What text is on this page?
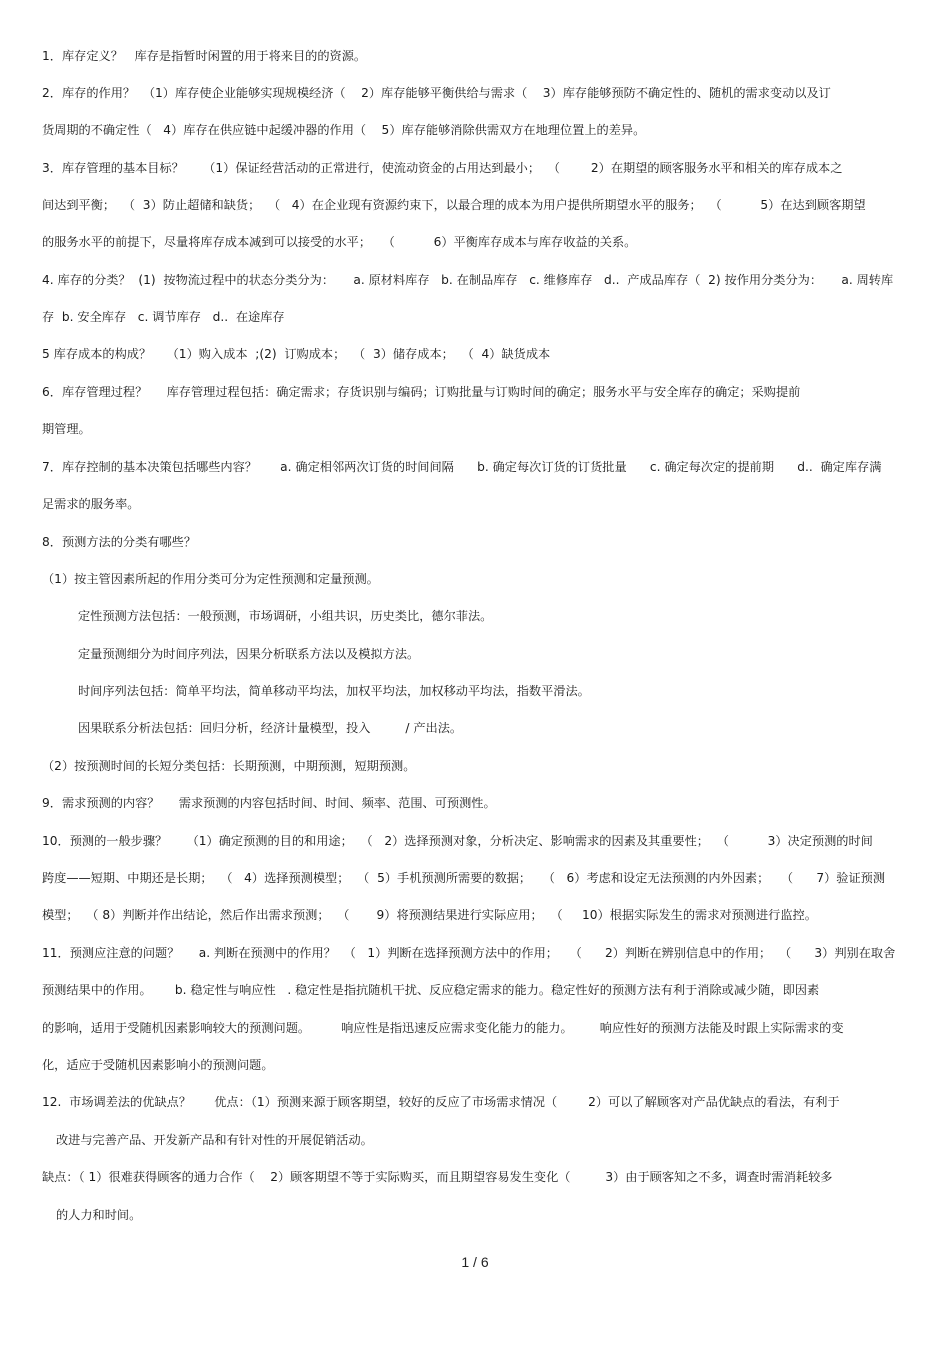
1．库存定义？   库存是指暂时闲置的用于将来目的的资源。

2．库存的作用？  （1）库存使企业能够实现规模经济（    2）库存能够平衡供给与需求（    3）库存能够预防不确定性的、随机的需求变动以及订

货周期的不确定性（   4）库存在供应链中起缓冲器的作用（    5）库存能够消除供需双方在地理位置上的差异。

3．库存管理的基本目标？     （1）保证经营活动的正常进行，使流动资金的占用达到最小；  （        2）在期望的顾客服务水平和相关的库存成本之

间达到平衡；  （  3）防止超储和缺货；  （   4）在企业现有资源约束下，以最合理的成本为用户提供所期望水平的服务；  （          5）在达到顾客期望

的服务水平的前提下，尽量将库存成本减到可以接受的水平；   （          6）平衡库存成本与库存收益的关系。

4. 库存的分类？  (1)  按物流过程中的状态分类分为：     a. 原材料库存   b. 在制品库存   c. 维修库存   d..  产成品库存（  2) 按作用分类分为：     a. 周转库

存  b. 安全库存   c. 调节库存   d..  在途库存

5 库存成本的构成？    （1）购入成本  ;(2)  订购成本；  （  3）储存成本；  （  4）缺货成本

6．库存管理过程？     库存管理过程包括：确定需求；存货识别与编码；订购批量与订购时间的确定；服务水平与安全库存的确定；采购提前

期管理。

7．库存控制的基本决策包括哪些内容？      a. 确定相邻两次订货的时间间隔      b. 确定每次订货的订货批量      c. 确定每次定的提前期      d..  确定库存满

足需求的服务率。

8．预测方法的分类有哪些？

（1）按主管因素所起的作用分类可分为定性预测和定量预测。

定性预测方法包括：一般预测，市场调研，小组共识，历史类比，德尔菲法。

定量预测细分为时间序列法，因果分析联系方法以及模拟方法。

时间序列法包括：简单平均法，简单移动平均法，加权平均法，加权移动平均法，指数平滑法。

因果联系分析法包括：回归分析，经济计量模型，投入         / 产出法。

（2）按预测时间的长短分类包括：长期预测，中期预测，短期预测。

9．需求预测的内容？     需求预测的内容包括时间、时间、频率、范围、可预测性。

10．预测的一般步骤？     （1）确定预测的目的和用途；  （   2）选择预测对象，分析决定、影响需求的因素及其重要性；  （          3）决定预测的时间

跨度——短期、中期还是长期；  （   4）选择预测模型；  （  5）手机预测所需要的数据；   （   6）考虑和设定无法预测的内外因素；   （      7）验证预测

模型；  （ 8）判断并作出结论，然后作出需求预测；  （       9）将预测结果进行实际应用；  （     10）根据实际发生的需求对预测进行监控。

11．预测应注意的问题？     a. 判断在预测中的作用？  （   1）判断在选择预测方法中的作用；   （      2）判断在辨别信息中的作用；  （      3）判别在取舍

预测结果中的作用。      b. 稳定性与响应性   . 稳定性是指抗随机干扰、反应稳定需求的能力。稳定性好的预测方法有利于消除或减少随，即因素

的影响，适用于受随机因素影响较大的预测问题。        响应性是指迅速反应需求变化能力的能力。       响应性好的预测方法能及时跟上实际需求的变

化，适应于受随机因素影响小的预测问题。

12.  市场调差法的优缺点？      优点：（1）预测来源于顾客期望，较好的反应了市场需求情况（        2）可以了解顾客对产品优缺点的看法，有利于

改进与完善产品、开发新产品和有针对性的开展促销活动。

缺点：（ 1）很难获得顾客的通力合作（    2）顾客期望不等于实际购买，而且期望容易发生变化（         3）由于顾客知之不多，调查时需消耗较多

的人力和时间。

1 / 6
